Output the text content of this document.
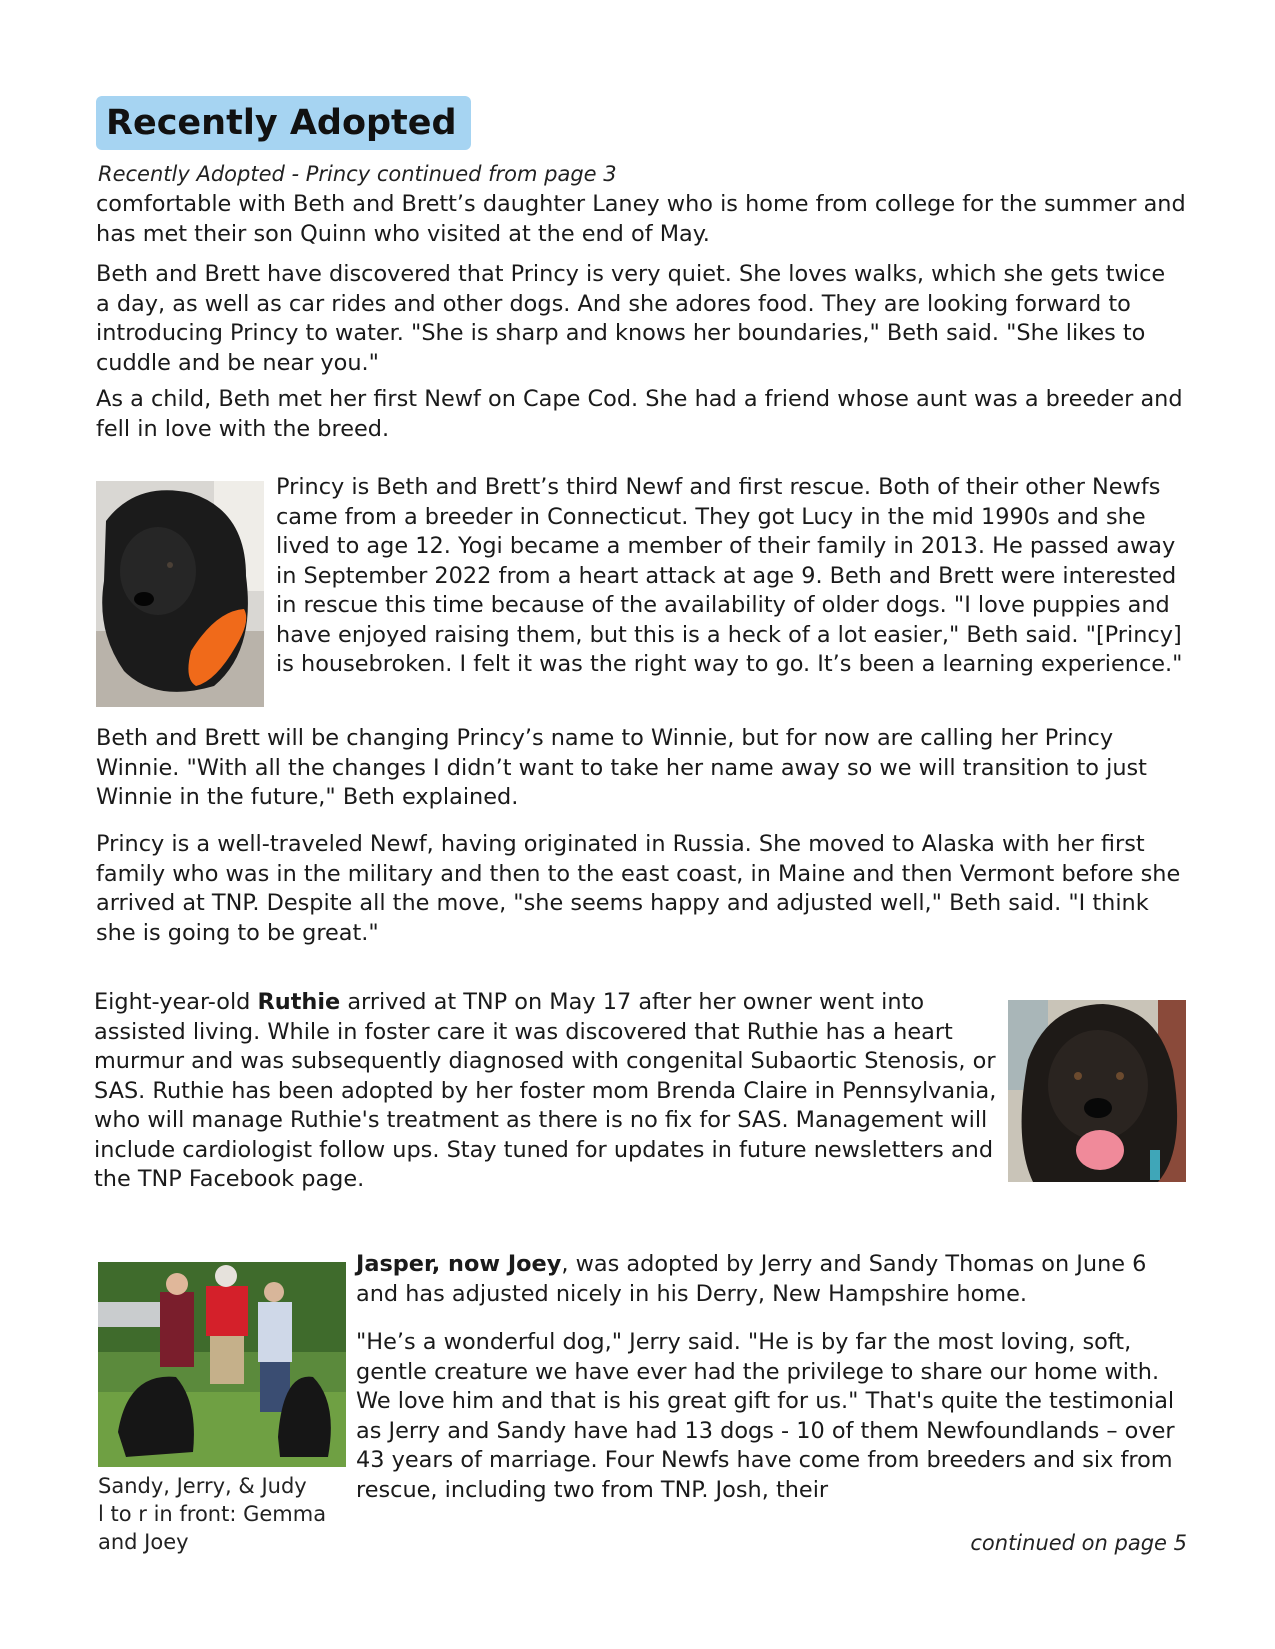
Recently Adopted
Recently Adopted - Princy continued from page 3

comfortable with Beth and Brett’s daughter Laney who is home from college for the summer and has met their son Quinn who visited at the end of May.

Beth and Brett have discovered that Princy is very quiet. She loves walks, which she gets twice a day, as well as car rides and other dogs. And she adores food. They are looking forward to introducing Princy to water. "She is sharp and knows her boundaries," Beth said. "She likes to cuddle and be near you."

As a child, Beth met her first Newf on Cape Cod. She had a friend whose aunt was a breeder and fell in love with the breed.

Princy is Beth and Brett’s third Newf and first rescue. Both of their other Newfs came from a breeder in Connecticut. They got Lucy in the mid 1990s and she lived to age 12. Yogi became a member of their family in 2013. He passed away in September 2022 from a heart attack at age 9. Beth and Brett were interested in rescue this time because of the availability of older dogs. "I love puppies and have enjoyed raising them, but this is a heck of a lot easier," Beth said. "[Princy] is housebroken. I felt it was the right way to go. It’s been a learning experience."

Beth and Brett will be changing Princy’s name to Winnie, but for now are calling her Princy Winnie. "With all the changes I didn’t want to take her name away so we will transition to just Winnie in the future," Beth explained.

Princy is a well-traveled Newf, having originated in Russia. She moved to Alaska with her first family who was in the military and then to the east coast, in Maine and then Vermont before she arrived at TNP. Despite all the move, "she seems happy and adjusted well," Beth said. "I think she is going to be great."

Eight-year-old Ruthie arrived at TNP on May 17 after her owner went into assisted living. While in foster care it was discovered that Ruthie has a heart murmur and was subsequently diagnosed with congenital Subaortic Stenosis, or SAS. Ruthie has been adopted by her foster mom Brenda Claire in Pennsylvania, who will manage Ruthie's treatment as there is no fix for SAS. Management will include cardiologist follow ups. Stay tuned for updates in future newsletters and the TNP Facebook page.

Sandy, Jerry, & Judy
l to r in front: Gemma and Joey

Jasper, now Joey, was adopted by Jerry and Sandy Thomas on June 6 and has adjusted nicely in his Derry, New Hampshire home.

"He’s a wonderful dog," Jerry said. "He is by far the most loving, soft, gentle creature we have ever had the privilege to share our home with. We love him and that is his great gift for us." That's quite the testimonial as Jerry and Sandy have had 13 dogs - 10 of them Newfoundlands – over 43 years of marriage. Four Newfs have come from breeders and six from rescue, including two from TNP. Josh, their

continued on page 5
